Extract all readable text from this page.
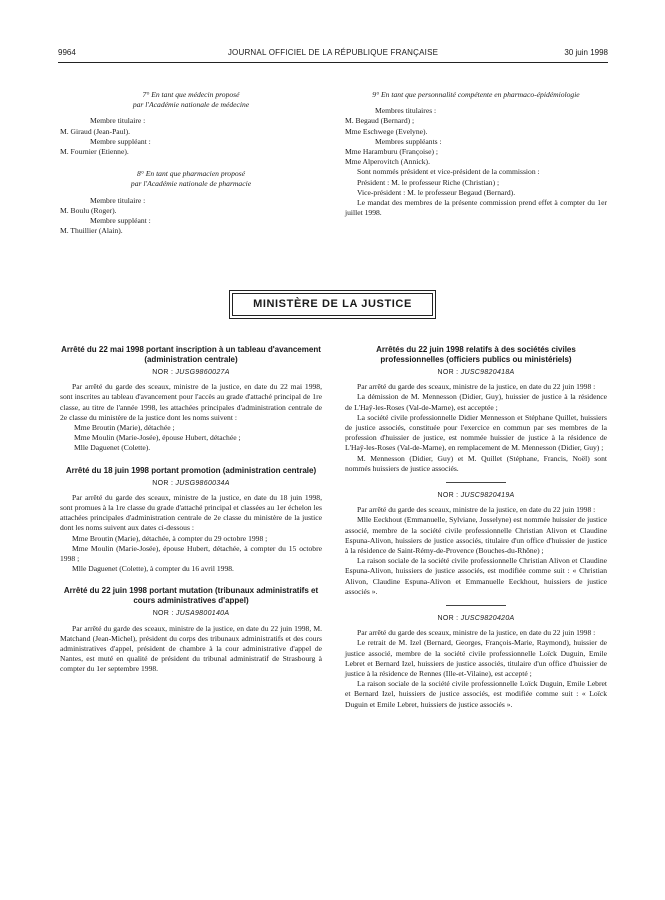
9964	JOURNAL OFFICIEL DE LA RÉPUBLIQUE FRANÇAISE	30 juin 1998
7° En tant que médecin proposé
par l'Académie nationale de médecine
Membre titulaire :
M. Giraud (Jean-Paul).
Membre suppléant :
M. Fournier (Etienne).
8° En tant que pharmacien proposé
par l'Académie nationale de pharmacie
Membre titulaire :
M. Boulu (Roger).
Membre suppléant :
M. Thuillier (Alain).
9° En tant que personnalité compétente en pharmaco-épidémiologie
Membres titulaires :
M. Begaud (Bernard) ;
Mme Eschwege (Evelyne).
Membres suppléants :
Mme Haramburu (Françoise) ;
Mme Alperovitch (Annick).

Sont nommés président et vice-président de la commission :

Président : M. le professeur Riche (Christian) ;

Vice-président : M. le professeur Begaud (Bernard).

Le mandat des membres de la présente commission prend effet à compter du 1er juillet 1998.

MINISTÈRE DE LA JUSTICE
Arrêté du 22 mai 1998 portant inscription à un tableau d'avancement (administration centrale)
NOR : JUSG9860027A

Par arrêté du garde des sceaux, ministre de la justice, en date du 22 mai 1998, sont inscrites au tableau d'avancement pour l'accès au grade d'attaché principal de 1re classe, au titre de l'année 1998, les attachées principales d'administration centrale de 2e classe du ministère de la justice dont les noms suivent :

Mme Broutin (Marie), détachée ;
Mme Moulin (Marie-Josée), épouse Hubert, détachée ;
Mlle Daguenet (Colette).
Arrêté du 18 juin 1998 portant promotion (administration centrale)
NOR : JUSG9860034A

Par arrêté du garde des sceaux, ministre de la justice, en date du 18 juin 1998, sont promues à la 1re classe du grade d'attaché principal et classées au 1er échelon les attachées principales d'administration centrale de 2e classe du ministère de la justice dont les noms suivent aux dates ci-dessous :

Mme Broutin (Marie), détachée, à compter du 29 octobre 1998 ;

Mme Moulin (Marie-Josée), épouse Hubert, détachée, à compter du 15 octobre 1998 ;

Mlle Daguenet (Colette), à compter du 16 avril 1998.

Arrêté du 22 juin 1998 portant mutation (tribunaux administratifs et cours administratives d'appel)
NOR : JUSA9800140A

Par arrêté du garde des sceaux, ministre de la justice, en date du 22 juin 1998, M. Matchand (Jean-Michel), président du corps des tribunaux administratifs et des cours administratives d'appel, président de chambre à la cour administrative d'appel de Nantes, est muté en qualité de président du tribunal administratif de Strasbourg à compter du 1er septembre 1998.

Arrêtés du 22 juin 1998 relatifs à des sociétés civiles professionnelles (officiers publics ou ministériels)
NOR : JUSC9820418A

Par arrêté du garde des sceaux, ministre de la justice, en date du 22 juin 1998 :

La démission de M. Mennesson (Didier, Guy), huissier de justice à la résidence de L'Haÿ-les-Roses (Val-de-Marne), est acceptée ;

La société civile professionnelle Didier Mennesson et Stéphane Quillet, huissiers de justice associés, constituée pour l'exercice en commun par ses membres de la profession d'huissier de justice, est nommée huissier de justice à la résidence de L'Haÿ-les-Roses (Val-de-Marne), en remplacement de M. Mennesson (Didier, Guy) ;

M. Mennesson (Didier, Guy) et M. Quillet (Stéphane, Francis, Noël) sont nommés huissiers de justice associés.

NOR : JUSC9820419A

Par arrêté du garde des sceaux, ministre de la justice, en date du 22 juin 1998 :

Mlle Eeckhout (Emmanuelle, Sylviane, Josselyne) est nommée huissier de justice associé, membre de la société civile professionnelle Christian Alivon et Claudine Espuna-Alivon, huissiers de justice associés, titulaire d'un office d'huissier de justice à la résidence de Saint-Rémy-de-Provence (Bouches-du-Rhône) ;

La raison sociale de la société civile professionnelle Christian Alivon et Claudine Espuna-Alivon, huissiers de justice associés, est modifiée comme suit : « Christian Alivon, Claudine Espuna-Alivon et Emmanuelle Eeckhout, huissiers de justice associés ».

NOR : JUSC9820420A

Par arrêté du garde des sceaux, ministre de la justice, en date du 22 juin 1998 :

Le retrait de M. Izel (Bernard, Georges, François-Marie, Raymond), huissier de justice associé, membre de la société civile professionnelle Loïck Duguin, Emile Lebret et Bernard Izel, huissiers de justice associés, titulaire d'un office d'huissier de justice à la résidence de Rennes (Ille-et-Vilaine), est accepté ;

La raison sociale de la société civile professionnelle Loïck Duguin, Emile Lebret et Bernard Izel, huissiers de justice associés, est modifiée comme suit : « Loïck Duguin et Emile Lebret, huissiers de justice associés ».
